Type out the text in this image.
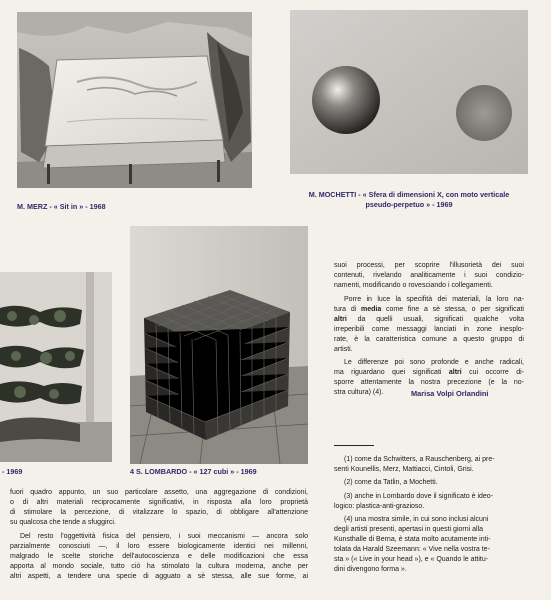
M. MERZ - « Sit in » - 1968
M. MOCHETTI - « Sfera di dimensioni X, con moto verticale
pseudo-perpetuo » - 1969
- 1969	4 S. LOMBARDO - « 127 cubi » - 1969

suoi processi, per scoprire l'illusorietà dei suoi
contenuti, rivelando analiticamente i suoi condizio-
namenti, modificando o rovesciando i collegamenti.

Porre in luce la specifità dei materiali, la loro na-
tura di media come fine a sè stessa, o per significati
altri da quelli usuali, significati qualche volta
irreperibili come messaggi lanciati in zone inesplo-
rate, è la caratteristica comune a questo gruppo di
artisti.

Le differenze poi sono profonde e anche radicali,
ma riguardano quei significati altri cui occorre di-
sporre attentamente la nostra precezione (e la no-
stra cultura) (4).	Marisa Volpi Orlandini
(1) come da Schwitters, a Rauschenberg, ai pre-
senti Kounellis, Merz, Mattiacci, Cintoli, Grisi.
(2) come da Tatlin, a Mochetti.
(3) anche in Lombardo dove il significato è ideo-
logico: plastica-anti-grazioso.
(4) una mostra simile, in cui sono inclusi alcuni
degli artisti presenti, apertasi in questi giorni alla
Kunsthalle di Berna, è stata molto acutamente inti-
tolata da Harald Szeemann: « Vive nella vostra te-
sta » (« Live in your head »), e « Quando le attitu-
dini divengono forma ».

fuori quadro appunto, un suo particolare assetto, una aggregazione di condizioni,
o di altri materiali reciprocamente significativi, in risposta alla loro proprietà
di stimolare la percezione, di vitalizzare lo spazio, di obbligare all'attenzione
su qualcosa che tende a sfuggirci.

Del resto l'oggettività fisica del pensiero, i suoi meccanismi — ancora solo
parzialmente conosciuti —, il loro essere biologicamente identici nei millenni,
malgrado le scelte storiche dell'autocoscienza e delle modificazioni che essa
apporta al mondo sociale, tutto ciò ha stimolato la cultura moderna, anche per
altri aspetti, a tendere una specie di agguato a sè stessa, alle sue forme, ai
